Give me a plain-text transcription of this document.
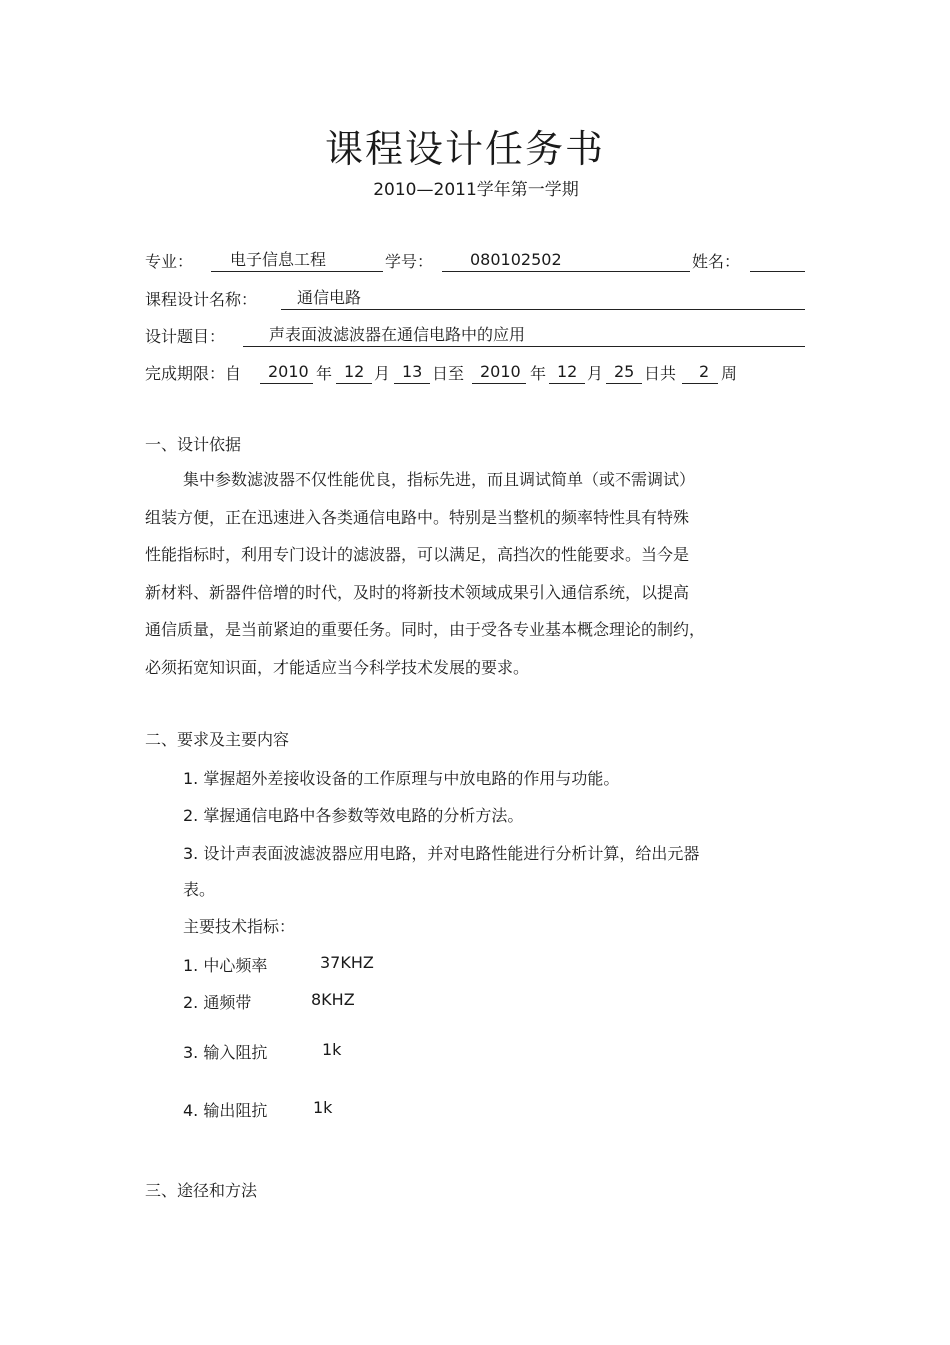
课程设计任务书
2010—2011学年第一学期
专业： 电子信息工程	学号： 080102502	姓名：
课程设计名称： 通信电路
设计题目：	声表面波滤波器在通信电路中的应用
完成期限：自 2010 年 12 月 13 日至 2010 年 12 月 25 日共 2 周
一、设计依据
集中参数滤波器不仅性能优良，指标先进，而且调试简单（或不需调试）
组装方便，正在迅速进入各类通信电路中。特别是当整机的频率特性具有特殊
性能指标时，利用专门设计的滤波器，可以满足，高挡次的性能要求。当今是
新材料、新器件倍增的时代，及时的将新技术领域成果引入通信系统，以提高
通信质量，是当前紧迫的重要任务。同时，由于受各专业基本概念理论的制约，
必须拓宽知识面，才能适应当今科学技术发展的要求。
二、要求及主要内容
1. 掌握超外差接收设备的工作原理与中放电路的作用与功能。
2. 掌握通信电路中各参数等效电路的分析方法。
3. 设计声表面波滤波器应用电路，并对电路性能进行分析计算，给出元器
表。
主要技术指标：
1. 中心频率	37KHZ
2. 通频带	8KHZ
3. 输入阻抗	1k
4. 输出阻抗	1k
三、途径和方法
